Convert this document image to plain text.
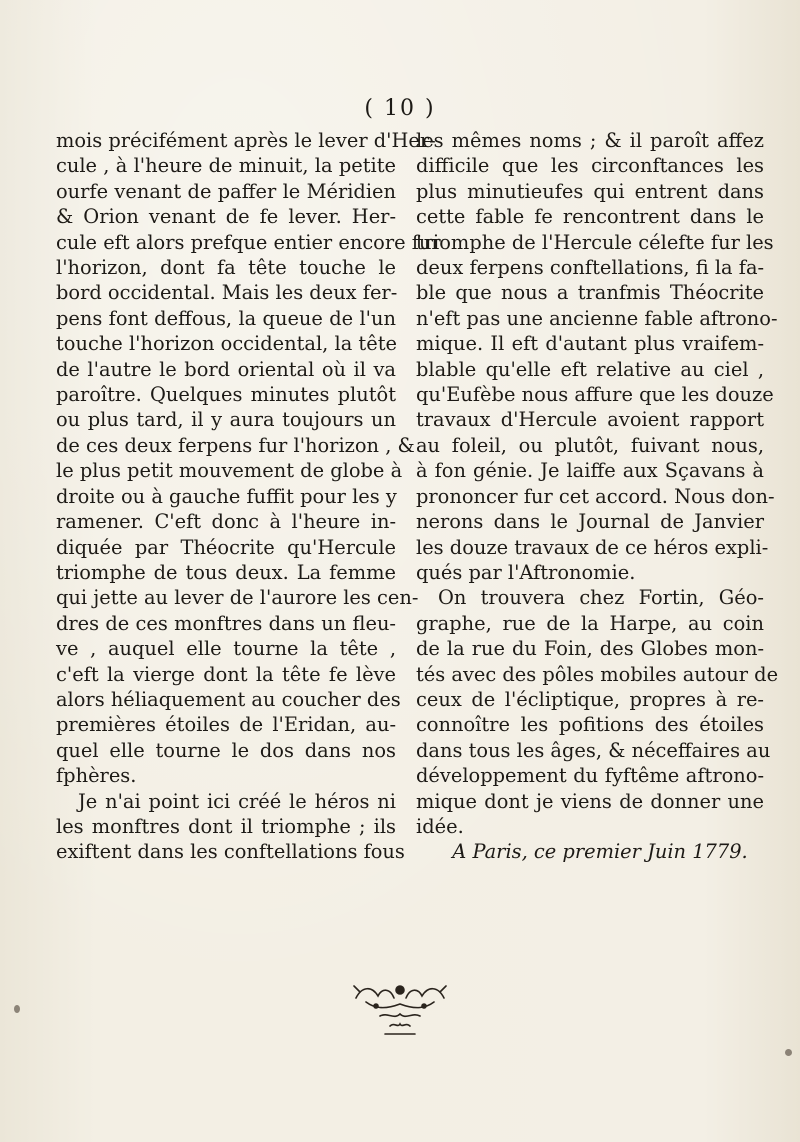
( 10 )
mois précifément après le lever d'Her-
cule , à l'heure de minuit, la petite
ourfe venant de paffer le Méridien
& Orion venant de fe lever. Her-
cule eft alors prefque entier encore fur
l'horizon, dont fa tête touche le
bord occidental. Mais les deux fer-
pens font deffous, la queue de l'un
touche l'horizon occidental, la tête
de l'autre le bord oriental où il va
paroître. Quelques minutes plutôt
ou plus tard, il y aura toujours un
de ces deux ferpens fur l'horizon , &
le plus petit mouvement de globe à
droite ou à gauche fuffit pour les y
ramener. C'eft donc à l'heure in-
diquée par Théocrite qu'Hercule
triomphe de tous deux. La femme
qui jette au lever de l'aurore les cen-
dres de ces monftres dans un fleu-
ve , auquel elle tourne la tête ,
c'eft la vierge dont la tête fe lève
alors héliaquement au coucher des
premières étoiles de l'Eridan, au-
quel elle tourne le dos dans nos
fphères.
Je n'ai point ici créé le héros ni
les monftres dont il triomphe ; ils
exiftent dans les conftellations fous
les mêmes noms ; & il paroît affez
difficile que les circonftances les
plus minutieufes qui entrent dans
cette fable fe rencontrent dans le
triomphe de l'Hercule célefte fur les
deux ferpens conftellations, fi la fa-
ble que nous a tranfmis Théocrite
n'eft pas une ancienne fable aftrono-
mique. Il eft d'autant plus vraifem-
blable qu'elle eft relative au ciel ,
qu'Eufèbe nous affure que les douze
travaux d'Hercule avoient rapport
au foleil, ou plutôt, fuivant nous,
à fon génie. Je laiffe aux Sçavans à
prononcer fur cet accord. Nous don-
nerons dans le Journal de Janvier
les douze travaux de ce héros expli-
qués par l'Aftronomie.
On trouvera chez Fortin, Géo-
graphe, rue de la Harpe, au coin
de la rue du Foin, des Globes mon-
tés avec des pôles mobiles autour de
ceux de l'écliptique, propres à re-
connoître les pofitions des étoiles
dans tous les âges, & néceffaires au
développement du fyftême aftrono-
mique dont je viens de donner une
idée.
A Paris, ce premier Juin 1779.
